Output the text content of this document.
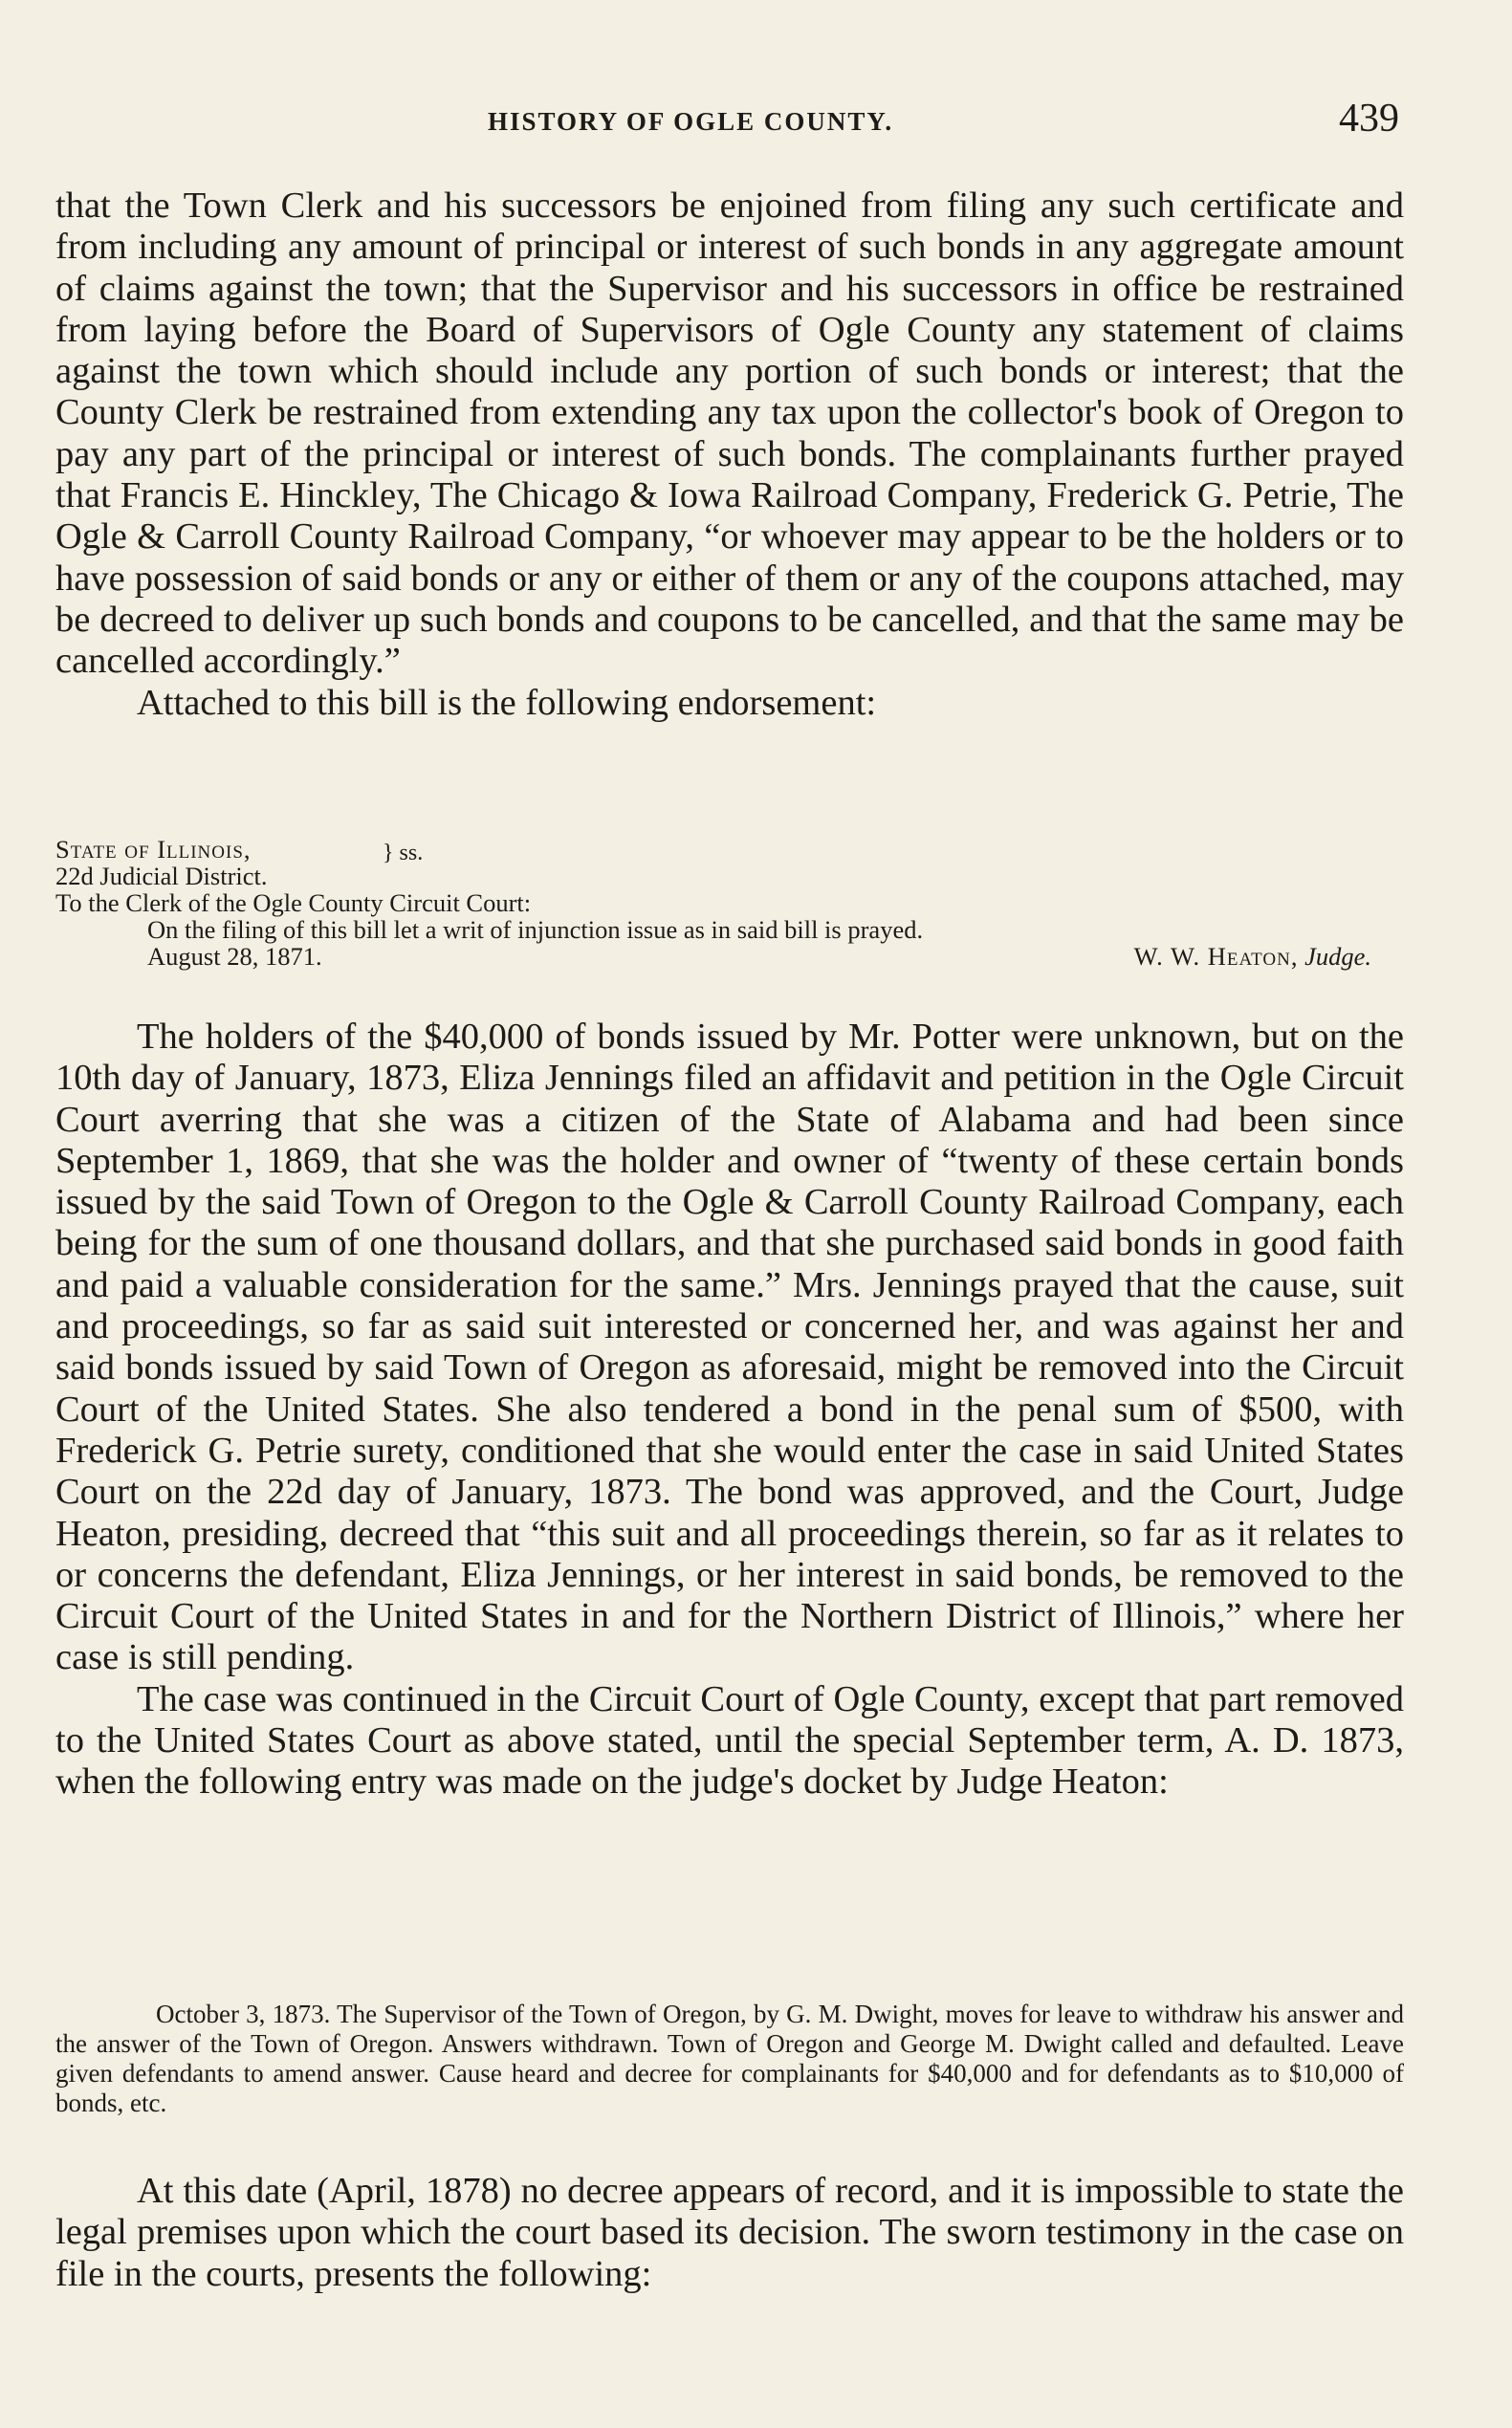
HISTORY OF OGLE COUNTY.	439

that the Town Clerk and his successors be enjoined from filing any such certificate and from including any amount of principal or interest of such bonds in any aggregate amount of claims against the town; that the Supervisor and his successors in office be restrained from laying before the Board of Supervisors of Ogle County any statement of claims against the town which should include any portion of such bonds or interest; that the County Clerk be restrained from extending any tax upon the collector's book of Oregon to pay any part of the principal or interest of such bonds. The complainants further prayed that Francis E. Hinckley, The Chicago & Iowa Railroad Company, Frederick G. Petrie, The Ogle & Carroll County Railroad Company, “or whoever may appear to be the holders or to have possession of said bonds or any or either of them or any of the coupons attached, may be decreed to deliver up such bonds and coupons to be cancelled, and that the same may be cancelled accordingly.”

Attached to this bill is the following endorsement:

State of Illinois,
22d Judicial District.
} ss.
To the Clerk of the Ogle County Circuit Court:
On the filing of this bill let a writ of injunction issue as in said bill is prayed.
August 28, 1871.	W. W. Heaton, Judge.

The holders of the $40,000 of bonds issued by Mr. Potter were unknown, but on the 10th day of January, 1873, Eliza Jennings filed an affidavit and petition in the Ogle Circuit Court averring that she was a citizen of the State of Alabama and had been since September 1, 1869, that she was the holder and owner of “twenty of these certain bonds issued by the said Town of Oregon to the Ogle & Carroll County Railroad Company, each being for the sum of one thousand dollars, and that she purchased said bonds in good faith and paid a valuable consideration for the same.” Mrs. Jennings prayed that the cause, suit and proceedings, so far as said suit interested or concerned her, and was against her and said bonds issued by said Town of Oregon as aforesaid, might be removed into the Circuit Court of the United States. She also tendered a bond in the penal sum of $500, with Frederick G. Petrie surety, conditioned that she would enter the case in said United States Court on the 22d day of January, 1873. The bond was approved, and the Court, Judge Heaton, presiding, decreed that “this suit and all proceedings therein, so far as it relates to or concerns the defendant, Eliza Jennings, or her interest in said bonds, be removed to the Circuit Court of the United States in and for the Northern District of Illinois,” where her case is still pending.

The case was continued in the Circuit Court of Ogle County, except that part removed to the United States Court as above stated, until the special September term, A. D. 1873, when the following entry was made on the judge's docket by Judge Heaton:

October 3, 1873. The Supervisor of the Town of Oregon, by G. M. Dwight, moves for leave to withdraw his answer and the answer of the Town of Oregon. Answers withdrawn. Town of Oregon and George M. Dwight called and defaulted. Leave given defendants to amend answer. Cause heard and decree for complainants for $40,000 and for defendants as to $10,000 of bonds, etc.

At this date (April, 1878) no decree appears of record, and it is impossible to state the legal premises upon which the court based its decision. The sworn testimony in the case on file in the courts, presents the following:
